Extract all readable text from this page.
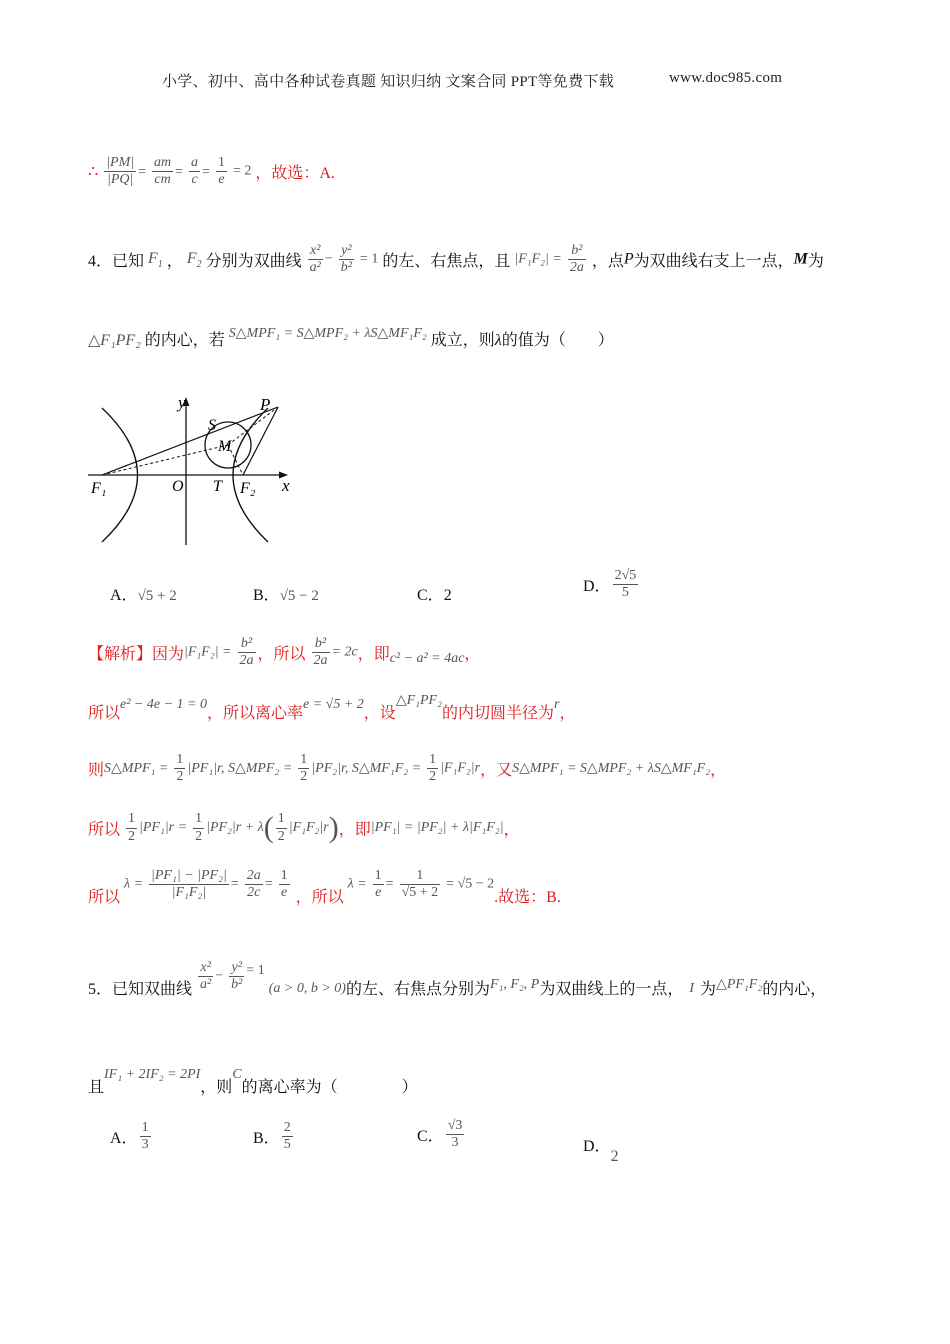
小学、初中、高中各种试卷真题 知识归纳 文案合同 PPT等免费下载	www.doc985.com
∴ $\frac{|PM|}{|PQ|} = \frac{am}{cm} = \frac{a}{c} = \frac{1}{e} = 2$ ，故选：A.
4．已知 $F_1$ ， $F_2$ 分别为双曲线 $\frac{\text{x²}}{\text{a²}} - \frac{\text{y²}}{\text{b²}} = 1$ 的左、右焦点，且 $|F_1F_2| = \frac{\text{b²}}{2a}$ ，点P为双曲线右支上一点，M为
△F₁PF₂ 的内心，若 S△MPF₁ = S△MPF₂ + λS△MF₁F₂ 成立，则λ的值为（　　）
y
x
P
S
M
F₁	O T F₂
A．√5 + 2	B．√5 − 2	C．2
D． $\frac{2√5}{5}$
【解析】因为$|F_1F_2| = \frac{\text{b²}}{2a}$ ，所以 $\frac{\text{b²}}{2a} = 2c$，即c² − a² = 4ac，
所以e² − 4e − 1 = 0，所以离心率e = √5 + 2，设△F₁PF₂的内切圆半径为r，
则S△MPF₁ = $\frac{1}{2} |PF_1|r$, S△MPF₂ = $\frac{1}{2} |PF_2|r$, S△MF₁F₂ = $\frac{1}{2} |F_1F_2|r$，又S△MPF₁ = S△MPF₂ + λS△MF₁F₂，
所以 $\frac{1}{2} |PF_1|r = \frac{1}{2} |PF_2|r + \lambda( \frac{1}{2} |F_1F_2|r)$，即|PF₁| = |PF₂| + λ|F₁F₂|，
所以 $\lambda = \frac{\text{|PF₁| − |PF₂|}}{\text{|F₁F₂|}} = \frac{2a}{2c} = \frac{1}{e}$ ，所以 $\lambda = \frac{1}{e} = \frac{1}{√5 + 2} = √5 - 2$.故选：B.
5．已知双曲线 $\frac{\text{x²}}{\text{a²}} - \frac{\text{y²}}{\text{b²}} = 1$ (a > 0, b > 0)的左、右焦点分别为F₁, F₂, P为双曲线上的一点， I 为△PF₁F₂的内心，
且IF₁ + 2IF₂ = 2PI，则C的离心率为（　　　　）
A． $\frac{1}{3}$	B． $\frac{2}{5}$	C． $\frac{√3}{3}$	D．2
